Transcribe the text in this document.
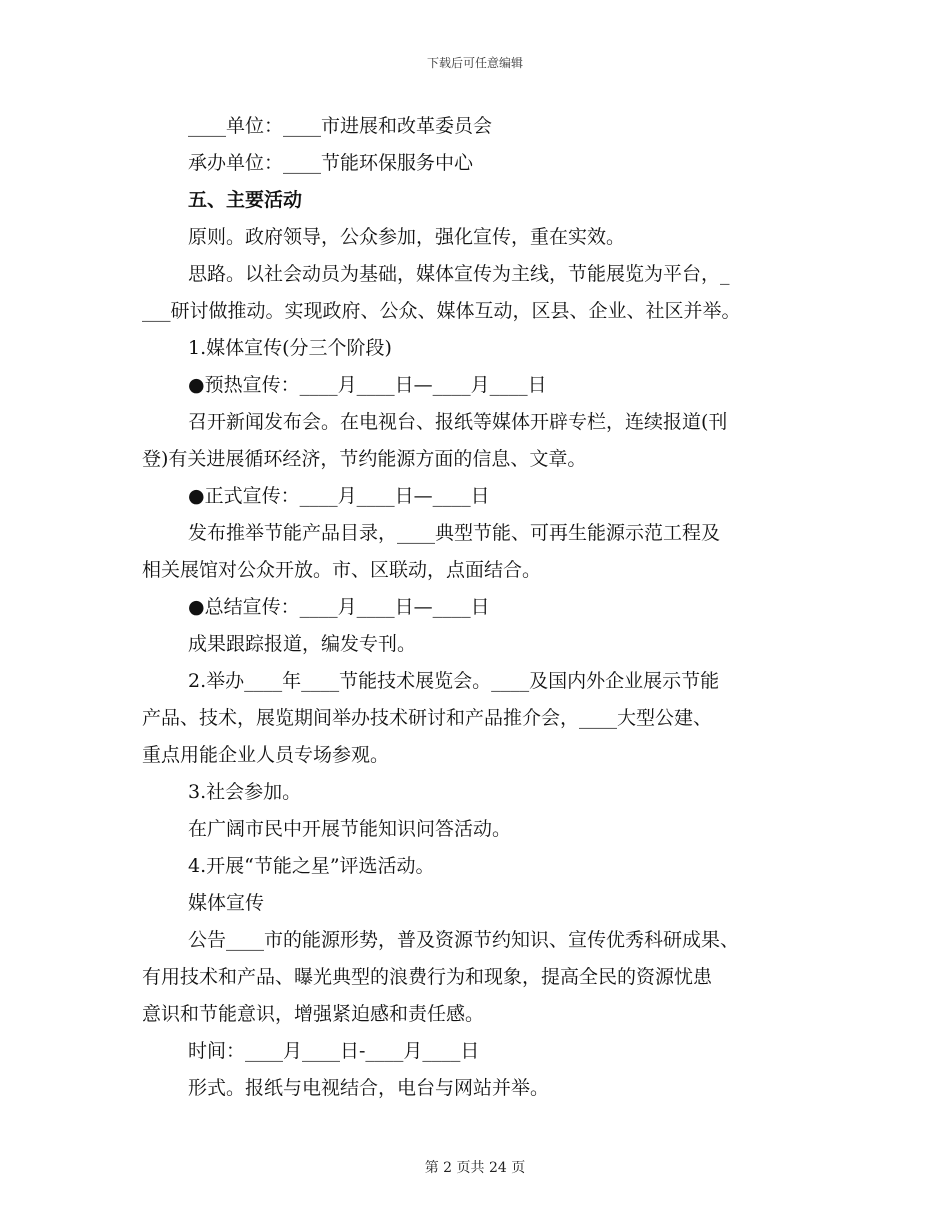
下载后可任意编辑

____单位：____市进展和改革委员会

承办单位：____节能环保服务中心

五、主要活动

原则。政府领导，公众参加，强化宣传，重在实效。

思路。以社会动员为基础，媒体宣传为主线，节能展览为平台，_

___研讨做推动。实现政府、公众、媒体互动，区县、企业、社区并举。

1.媒体宣传(分三个阶段)

●预热宣传：____月____日—____月____日

召开新闻发布会。在电视台、报纸等媒体开辟专栏，连续报道(刊

登)有关进展循环经济，节约能源方面的信息、文章。

●正式宣传：____月____日—____日

发布推举节能产品目录，____典型节能、可再生能源示范工程及

相关展馆对公众开放。市、区联动，点面结合。

●总结宣传：____月____日—____日

成果跟踪报道，编发专刊。

2.举办____年____节能技术展览会。____及国内外企业展示节能

产品、技术，展览期间举办技术研讨和产品推介会，____大型公建、

重点用能企业人员专场参观。

3.社会参加。

在广阔市民中开展节能知识问答活动。

4.开展“节能之星”评选活动。

媒体宣传

公告____市的能源形势，普及资源节约知识、宣传优秀科研成果、

有用技术和产品、曝光典型的浪费行为和现象，提高全民的资源忧患

意识和节能意识，增强紧迫感和责任感。

时间：____月____日-____月____日

形式。报纸与电视结合，电台与网站并举。

第 2 页共 24 页
